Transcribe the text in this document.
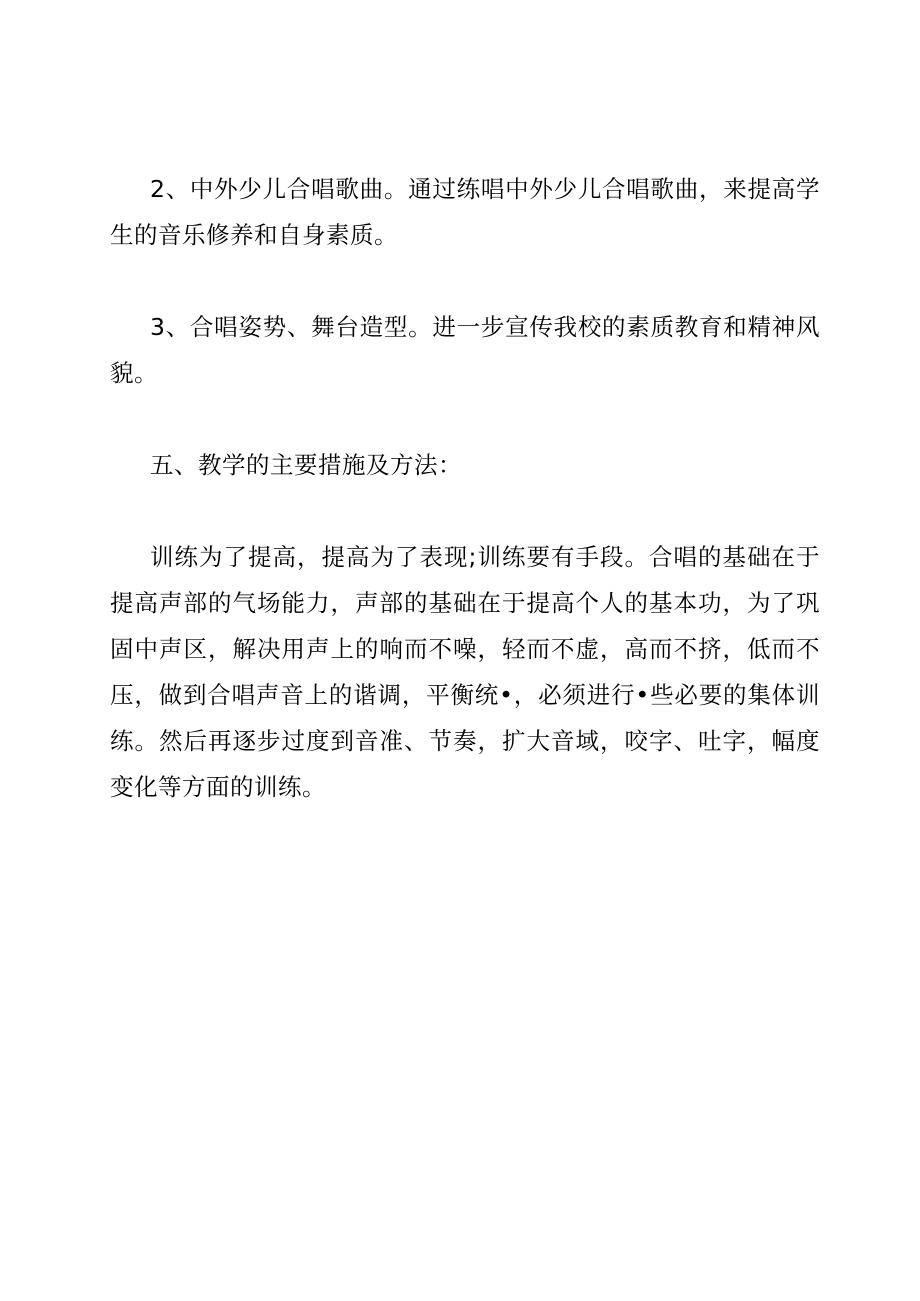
2、中外少儿合唱歌曲。通过练唱中外少儿合唱歌曲，来提高学生的音乐修养和自身素质。

3、合唱姿势、舞台造型。进一步宣传我校的素质教育和精神风貌。

五、教学的主要措施及方法：

训练为了提高，提高为了表现;训练要有手段。合唱的基础在于提高声部的气场能力，声部的基础在于提高个人的基本功，为了巩固中声区，解决用声上的响而不噪，轻而不虚，高而不挤，低而不压，做到合唱声音上的谐调，平衡统•，必须进行•些必要的集体训练。然后再逐步过度到音准、节奏，扩大音域，咬字、吐字，幅度变化等方面的训练。
